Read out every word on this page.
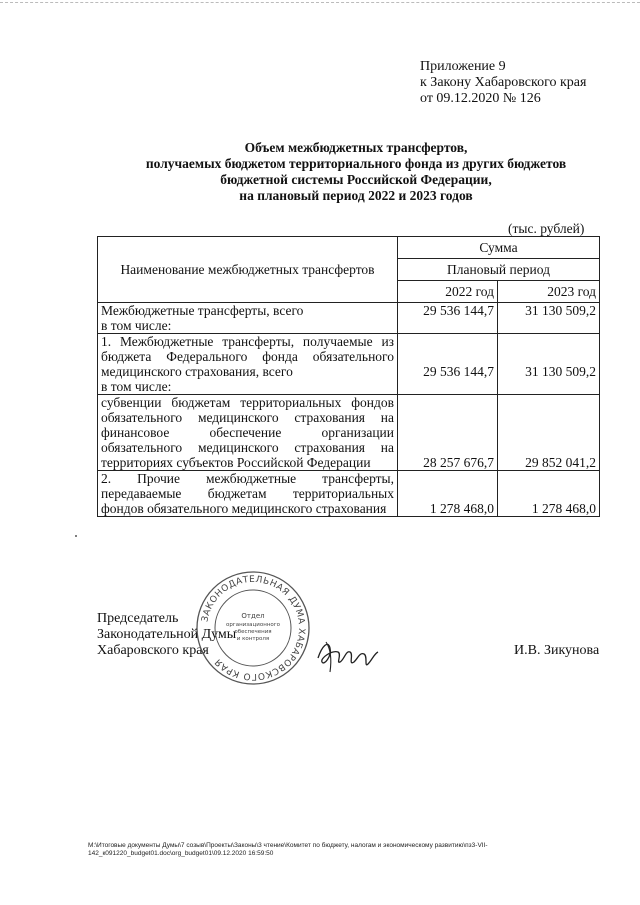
Приложение 9
к Закону Хабаровского края
от 09.12.2020 № 126
Объем межбюджетных трансфертов,
получаемых бюджетом территориального фонда из других бюджетов
бюджетной системы Российской Федерации,
на плановый период 2022 и 2023 годов
(тыс. рублей)
Наименование межбюджетных трансфертов	Сумма	
	Плановый период	
	2022 год	2023 год
Межбюджетные трансферты, всего	29 536 144,7	31 130 509,2
в том числе:		
1. Межбюджетные трансферты, получаемые из бюджета Федерального фонда обязательного медицинского страхования, всего	29 536 144,7	31 130 509,2
в том числе:		
субвенции бюджетам территориальных фондов обязательного медицинского страхования на финансовое обеспечение организации обязательного медицинского страхования на территориях субъектов Российской Федерации	28 257 676,7	29 852 041,2
2. Прочие межбюджетные трансферты, передаваемые бюджетам территориальных фондов обязательного медицинского страхования	1 278 468,0	1 278 468,0
Председатель
Законодательной Думы
Хабаровского края
ЗАКОНОДАТЕЛЬНАЯ ДУМА ХАБАРОВСКОГО КРАЯ
Отдел
организационного
обеспечения
и контроля
И.В. Зикунова
M:\Итоговые документы Думы\7 созыв\Проекты\Законы\3 чтение\Комитет по бюджету, налогам и экономическому развитию\пз3-VII-
142_к091220_budget01.doc\org_budget01\09.12.2020 16:59:50
